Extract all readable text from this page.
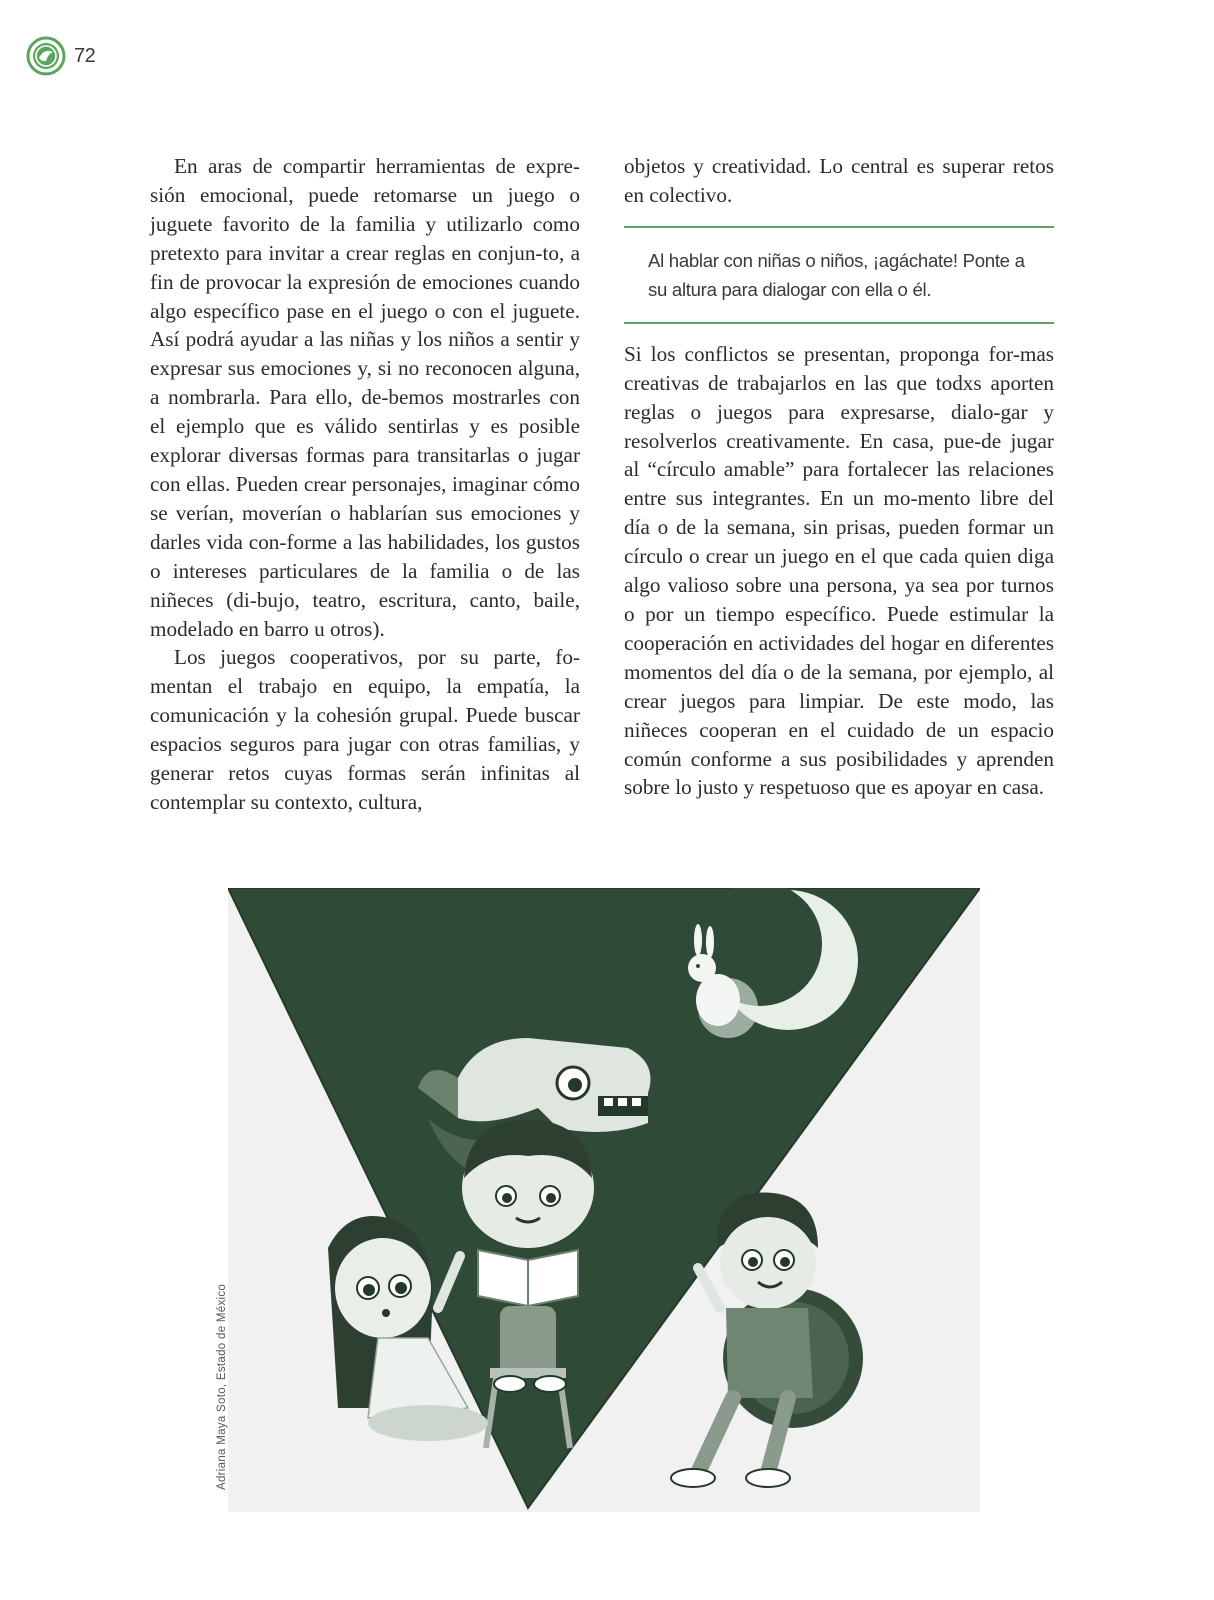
72

En aras de compartir herramientas de expre-sión emocional, puede retomarse un juego o juguete favorito de la familia y utilizarlo como pretexto para invitar a crear reglas en conjun-to, a fin de provocar la expresión de emociones cuando algo específico pase en el juego o con el juguete. Así podrá ayudar a las niñas y los niños a sentir y expresar sus emociones y, si no reconocen alguna, a nombrarla. Para ello, de-bemos mostrarles con el ejemplo que es válido sentirlas y es posible explorar diversas formas para transitarlas o jugar con ellas. Pueden crear personajes, imaginar cómo se verían, moverían o hablarían sus emociones y darles vida con-forme a las habilidades, los gustos o intereses particulares de la familia o de las niñeces (di-bujo, teatro, escritura, canto, baile, modelado en barro u otros).

Los juegos cooperativos, por su parte, fo-mentan el trabajo en equipo, la empatía, la comunicación y la cohesión grupal. Puede buscar espacios seguros para jugar con otras familias, y generar retos cuyas formas serán infinitas al contemplar su contexto, cultura,

objetos y creatividad. Lo central es superar retos en colectivo.

Al hablar con niñas o niños, ¡agáchate! Ponte a su altura para dialogar con ella o él.

Si los conflictos se presentan, proponga for-mas creativas de trabajarlos en las que todxs aporten reglas o juegos para expresarse, dialo-gar y resolverlos creativamente. En casa, pue-de jugar al “círculo amable” para fortalecer las relaciones entre sus integrantes. En un mo-mento libre del día o de la semana, sin prisas, pueden formar un círculo o crear un juego en el que cada quien diga algo valioso sobre una persona, ya sea por turnos o por un tiempo específico. Puede estimular la cooperación en actividades del hogar en diferentes momentos del día o de la semana, por ejemplo, al crear juegos para limpiar. De este modo, las niñeces cooperan en el cuidado de un espacio común conforme a sus posibilidades y aprenden sobre lo justo y respetuoso que es apoyar en casa.

Adriana Maya Soto, Estado de México
